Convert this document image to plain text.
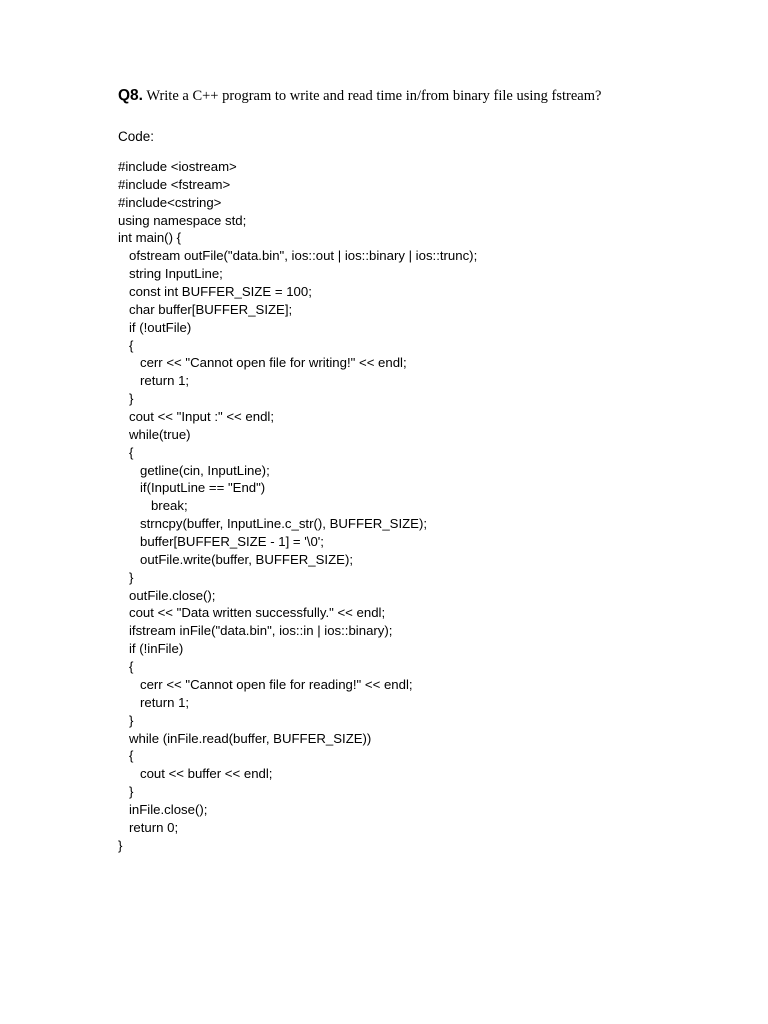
Q8. Write a C++ program to write and read time in/from binary file using fstream?
Code:
#include <iostream>
#include <fstream>
#include<cstring>
using namespace std;
int main() {
ofstream outFile("data.bin", ios::out | ios::binary | ios::trunc);
string InputLine;
const int BUFFER_SIZE = 100;
char buffer[BUFFER_SIZE];
if (!outFile)
{
cerr << "Cannot open file for writing!" << endl;
return 1;
}
cout << "Input :" << endl;
while(true)
{
getline(cin, InputLine);
if(InputLine == "End")
break;
strncpy(buffer, InputLine.c_str(), BUFFER_SIZE);
buffer[BUFFER_SIZE - 1] = '\0';
outFile.write(buffer, BUFFER_SIZE);
}
outFile.close();
cout << "Data written successfully." << endl;
ifstream inFile("data.bin", ios::in | ios::binary);
if (!inFile)
{
cerr << "Cannot open file for reading!" << endl;
return 1;
}
while (inFile.read(buffer, BUFFER_SIZE))
{
cout << buffer << endl;
}
inFile.close();
return 0;
}
